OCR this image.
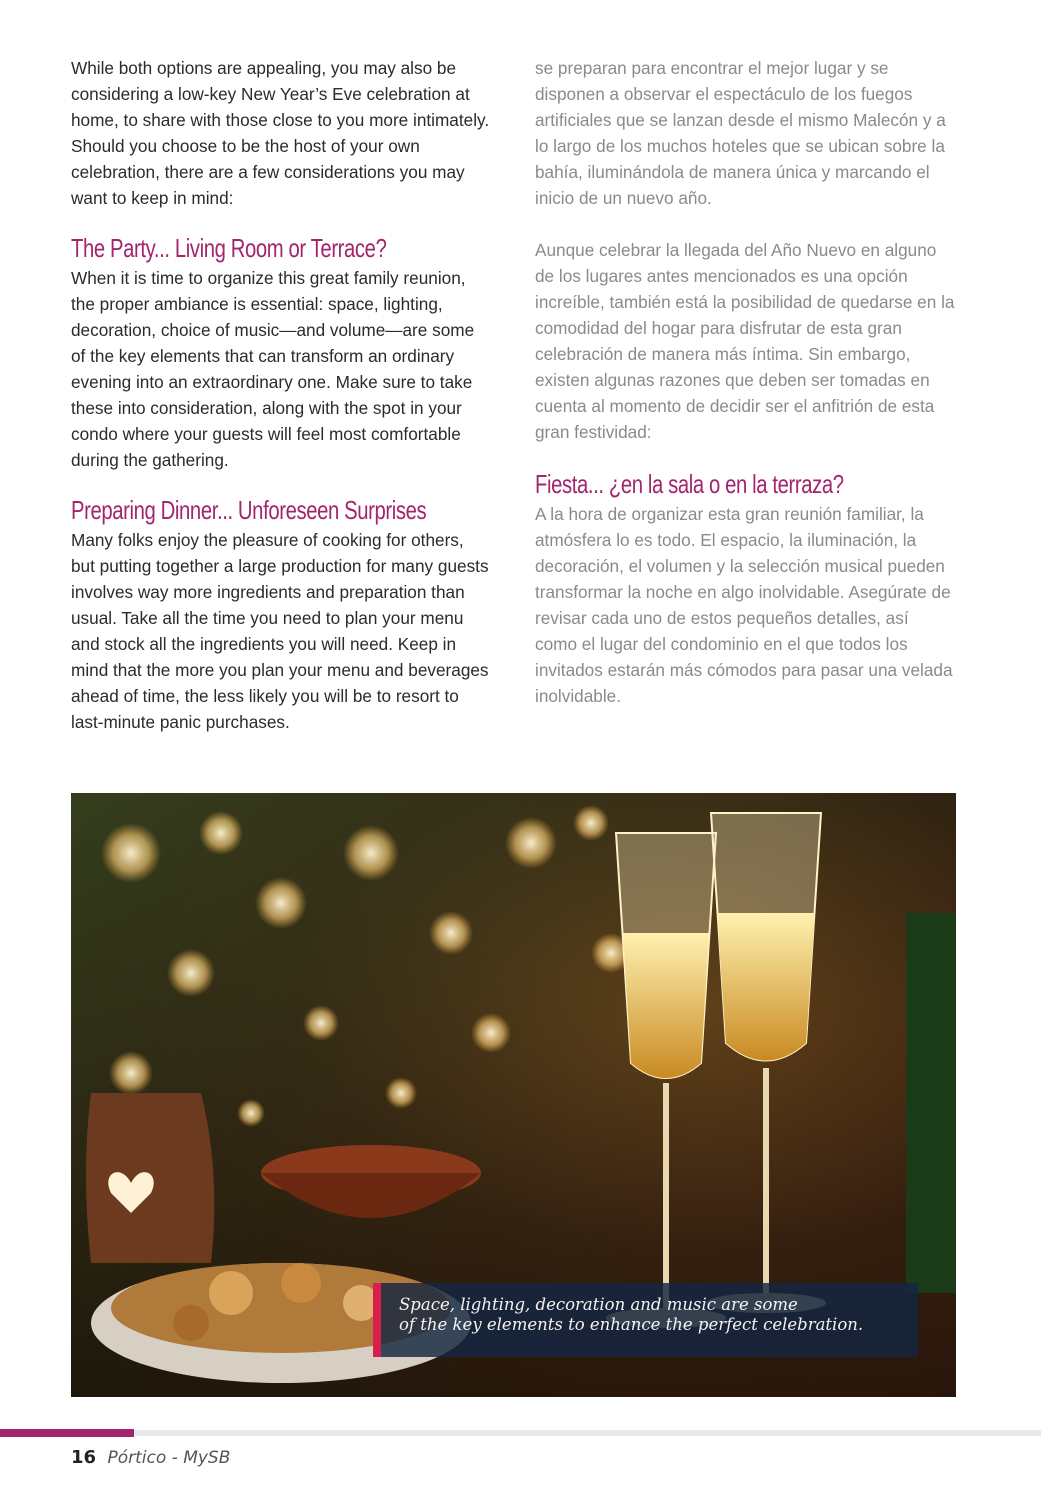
While both options are appealing, you may also be considering a low-key New Year’s Eve celebration at home, to share with those close to you more intimately. Should you choose to be the host of your own celebration, there are a few considerations you may want to keep in mind:

The Party... Living Room or Terrace?

When it is time to organize this great family reunion, the proper ambiance is essential: space, lighting, decoration, choice of music—and volume—are some of the key elements that can transform an ordinary evening into an extraordinary one. Make sure to take these into consideration, along with the spot in your condo where your guests will feel most comfortable during the gathering.

Preparing Dinner... Unforeseen Surprises

Many folks enjoy the pleasure of cooking for others, but putting together a large production for many guests involves way more ingredients and preparation than usual. Take all the time you need to plan your menu and stock all the ingredients you will need. Keep in mind that the more you plan your menu and beverages ahead of time, the less likely you will be to resort to last-minute panic purchases.

se preparan para encontrar el mejor lugar y se disponen a observar el espectáculo de los fuegos artificiales que se lanzan desde el mismo Malecón y a lo largo de los muchos hoteles que se ubican sobre la bahía, iluminándola de manera única y marcando el inicio de un nuevo año.

Aunque celebrar la llegada del Año Nuevo en alguno de los lugares antes mencionados es una opción increíble, también está la posibilidad de quedarse en la comodidad del hogar para disfrutar de esta gran celebración de manera más íntima. Sin embargo, existen algunas razones que deben ser tomadas en cuenta al momento de decidir ser el anfitrión de esta gran festividad:

Fiesta... ¿en la sala o en la terraza?

A la hora de organizar esta gran reunión familiar, la atmósfera lo es todo. El espacio, la iluminación, la decoración, el volumen y la selección musical pueden transformar la noche en algo inolvidable. Asegúrate de revisar cada uno de estos pequeños detalles, así como el lugar del condominio en el que todos los invitados estarán más cómodos para pasar una velada inolvidable.

Space, lighting, decoration and music are some
of the key elements to enhance the perfect celebration.
16 Pórtico - MySB
